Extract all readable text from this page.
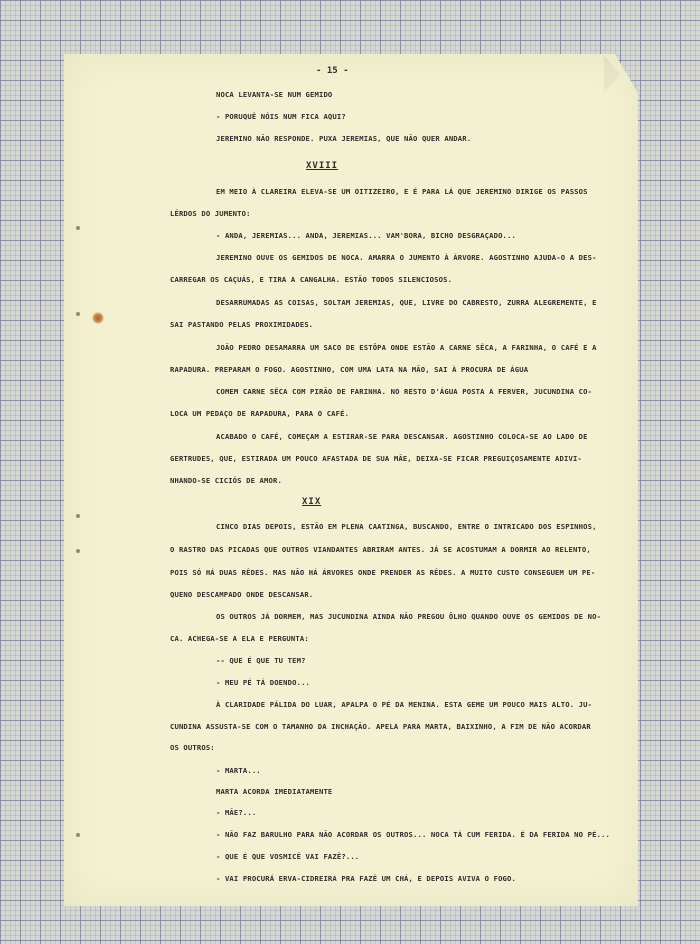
- 15 -

NOCA LEVANTA-SE NUM GEMIDO

- PORUQUÊ NÓIS NUM FICA AQUI?

JEREMINO NÃO RESPONDE. PUXA JEREMIAS, QUE NÃO QUER ANDAR.

XVIII

EM MEIO À CLAREIRA ELEVA-SE UM OITIZEIRO, E É PARA LÁ QUE JEREMINO DIRIGE OS PASSOS

LÊRDOS DO JUMENTO:

- ANDA, JEREMIAS... ANDA, JEREMIAS... VAM'BORA, BICHO DESGRAÇADO...

JEREMINO OUVE OS GEMIDOS DE NOCA. AMARRA O JUMENTO À ÁRVORE. AGOSTINHO AJUDA-O A DES-

CARREGAR OS CAÇUÁS, E TIRA A CANGALHA. ESTÃO TODOS SILENCIOSOS.

DESARRUMADAS AS COISAS, SOLTAM JEREMIAS, QUE, LIVRE DO CABRESTO, ZURRA ALEGREMENTE, E

SAI PASTANDO PELAS PROXIMIDADES.

JOÃO PEDRO DESAMARRA UM SACO DE ESTÔPA ONDE ESTÃO A CARNE SÊCA, A FARINHA, O CAFÉ E A

RAPADURA. PREPARAM O FOGO. AGOSTINHO, COM UMA LATA NA MÃO, SAI À PROCURA DE ÁGUA

COMEM CARNE SÊCA COM PIRÃO DE FARINHA. NO RESTO D'ÁGUA POSTA A FERVER, JUCUNDINA CO-

LOCA UM PEDAÇO DE RAPADURA, PARA O CAFÉ.

ACABADO O CAFÉ, COMEÇAM A ESTIRAR-SE PARA DESCANSAR. AGOSTINHO COLOCA-SE AO LADO DE

GERTRUDES, QUE, ESTIRADA UM POUCO AFASTADA DE SUA MÃE, DEIXA-SE FICAR PREGUIÇOSAMENTE ADIVI-

NHANDO-SE CICIÓS DE AMOR.

XIX

CINCO DIAS DEPOIS, ESTÃO EM PLENA CAATINGA, BUSCANDO, ENTRE O INTRICADO DOS ESPINHOS,

O RASTRO DAS PICADAS QUE OUTROS VIANDANTES ABRIRAM ANTES. JÁ SE ACOSTUMAM A DORMIR AO RELENTO,

POIS SÓ HÁ DUAS RÊDES. MAS NÃO HÁ ÁRVORES ONDE PRENDER AS RÊDES. A MUITO CUSTO CONSEGUEM UM PE-

QUENO DESCAMPADO ONDE DESCANSAR.

OS OUTROS JÁ DORMEM, MAS JUCUNDINA AINDA NÃO PREGOU ÔLHO QUANDO OUVE OS GEMIDOS DE NO-

CA. ACHEGA-SE A ELA E PERGUNTA:

-- QUE É QUE TU TEM?

- MEU PÉ TÁ DOENDO...

À CLARIDADE PÁLIDA DO LUAR, APALPA O PÉ DA MENINA. ESTA GEME UM POUCO MAIS ALTO. JU-

CUNDINA ASSUSTA-SE COM O TAMANHO DA INCHAÇÃO. APELA PARA MARTA, BAIXINHO, A FIM DE NÃO ACORDAR

OS OUTROS:

- MARTA...

MARTA ACORDA IMEDIATAMENTE

- MÃE?...

- NÃO FAZ BARULHO PARA NÃO ACORDAR OS OUTROS... NOCA TÁ CUM FERIDA. É DA FERIDA NO PÉ...

- QUE É QUE VOSMICÊ VAI FAZÊ?...

- VAI PROCURÁ ERVA-CIDREIRA PRA FAZÊ UM CHÁ, E DEPOIS AVIVA O FOGO.
